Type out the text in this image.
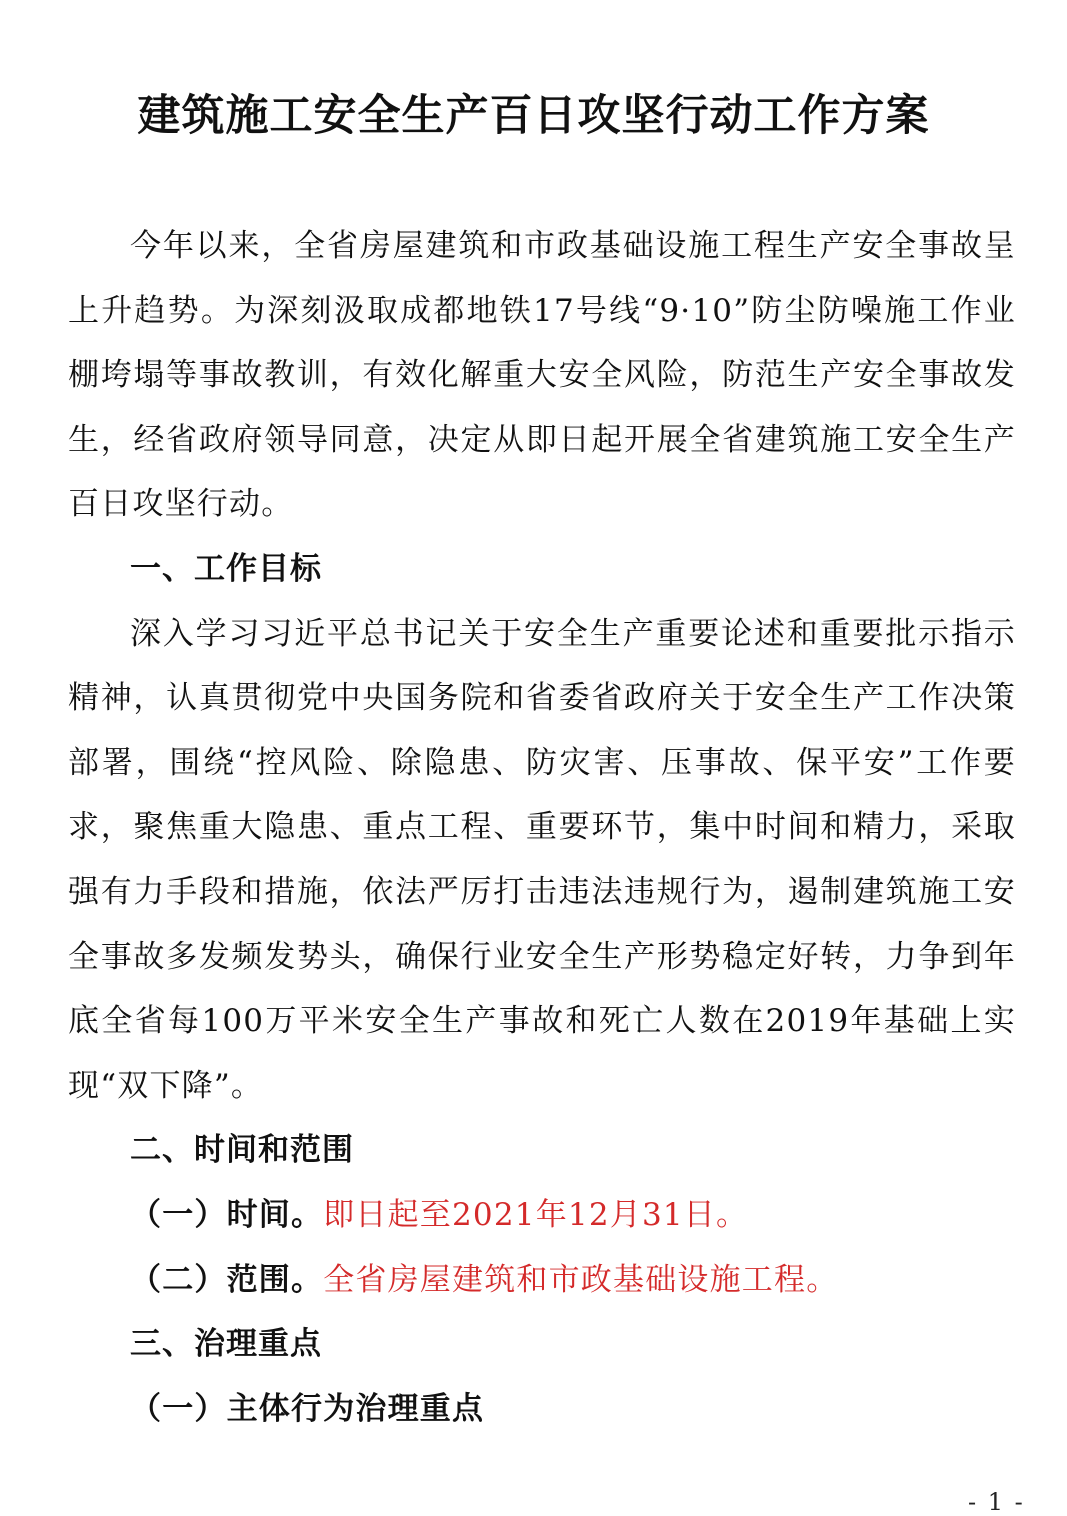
建筑施工安全生产百日攻坚行动工作方案

今年以来，全省房屋建筑和市政基础设施工程生产安全事故呈上升趋势。为深刻汲取成都地铁17号线“9·10”防尘防噪施工作业棚垮塌等事故教训，有效化解重大安全风险，防范生产安全事故发生，经省政府领导同意，决定从即日起开展全省建筑施工安全生产百日攻坚行动。

一、工作目标

深入学习习近平总书记关于安全生产重要论述和重要批示指示精神，认真贯彻党中央国务院和省委省政府关于安全生产工作决策部署，围绕“控风险、除隐患、防灾害、压事故、保平安”工作要求，聚焦重大隐患、重点工程、重要环节，集中时间和精力，采取强有力手段和措施，依法严厉打击违法违规行为，遏制建筑施工安全事故多发频发势头，确保行业安全生产形势稳定好转，力争到年底全省每100万平米安全生产事故和死亡人数在2019年基础上实现“双下降”。

二、时间和范围
（一）时间。即日起至2021年12月31日。
（二）范围。全省房屋建筑和市政基础设施工程。
三、治理重点
（一）主体行为治理重点
- 1 -
